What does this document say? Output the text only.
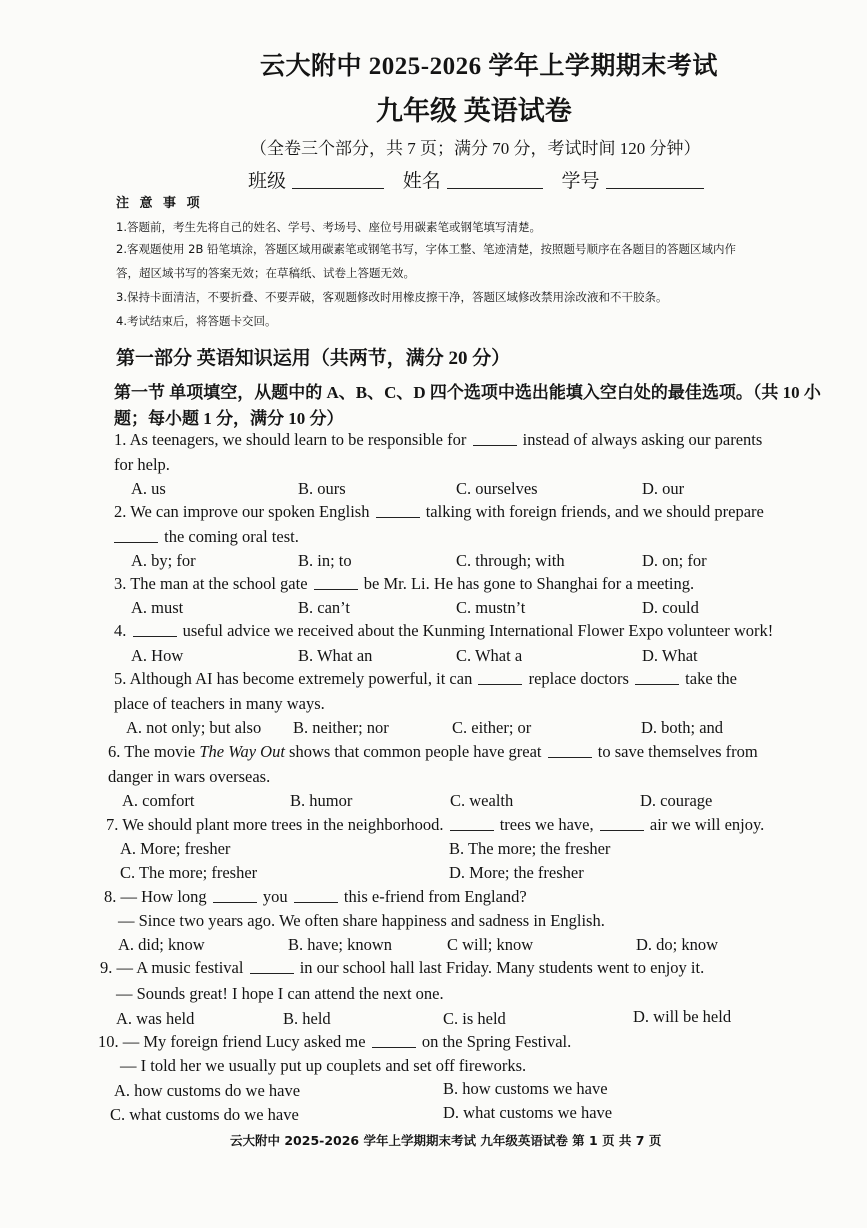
云大附中 2025-2026 学年上学期期末考试
九年级 英语试卷
（全卷三个部分，共 7 页；满分 70 分，考试时间 120 分钟）
班级	姓名	学号
注 意 事 项
1.答题前，考生先将自己的姓名、学号、考场号、座位号用碳素笔或钢笔填写清楚。
2.客观题使用 2B 铅笔填涂，答题区域用碳素笔或钢笔书写，字体工整、笔迹清楚，按照题号顺序在各题目的答题区域内作
答，超区域书写的答案无效；在草稿纸、试卷上答题无效。
3.保持卡面清洁，不要折叠、不要弄破，客观题修改时用橡皮擦干净，答题区域修改禁用涂改液和不干胶条。
4.考试结束后，将答题卡交回。
第一部分 英语知识运用（共两节，满分 20 分）
第一节 单项填空，从题中的 A、B、C、D 四个选项中选出能填入空白处的最佳选项。（共 10 小题；每小题 1 分，满分 10 分）
1. As teenagers, we should learn to be responsible for	instead of always asking our parents
for help.
A. us	B. ours	C. ourselves	D. our
2. We can improve our spoken English	talking with foreign friends, and we should prepare
the coming oral test.
A. by; for	B. in; to	C. through; with	D. on; for
3. The man at the school gate	be Mr. Li. He has gone to Shanghai for a meeting.
A. must	B. can’t	C. mustn’t	D. could
4.	useful advice we received about the Kunming International Flower Expo volunteer work!
A. How	B. What an	C. What a	D. What
5. Although AI has become extremely powerful, it can	replace doctors	take the
place of teachers in many ways.
A. not only; but also B. neither; nor	C. either; or	D. both; and
6. The movie The Way Out shows that common people have great	to save themselves from
danger in wars overseas.
A. comfort	B. humor	C. wealth	D. courage
7. We should plant more trees in the neighborhood.	trees we have,	air we will enjoy.
A. More; fresher	B. The more; the fresher
C. The more; fresher	D. More; the fresher
8. — How long	you	this e-friend from England?
— Since two years ago. We often share happiness and sadness in English.
A. did; know	B. have; known	C will; know	D. do; know
9. — A music festival	in our school hall last Friday. Many students went to enjoy it.
— Sounds great! I hope I can attend the next one.
A. was held	B. held	C. is held	D. will be held
10. — My foreign friend Lucy asked me	on the Spring Festival.
— I told her we usually put up couplets and set off fireworks.
A. how customs do we have	B. how customs we have
C. what customs do we have	D. what customs we have
云大附中 2025-2026 学年上学期期末考试 九年级英语试卷 第 1 页 共 7 页
